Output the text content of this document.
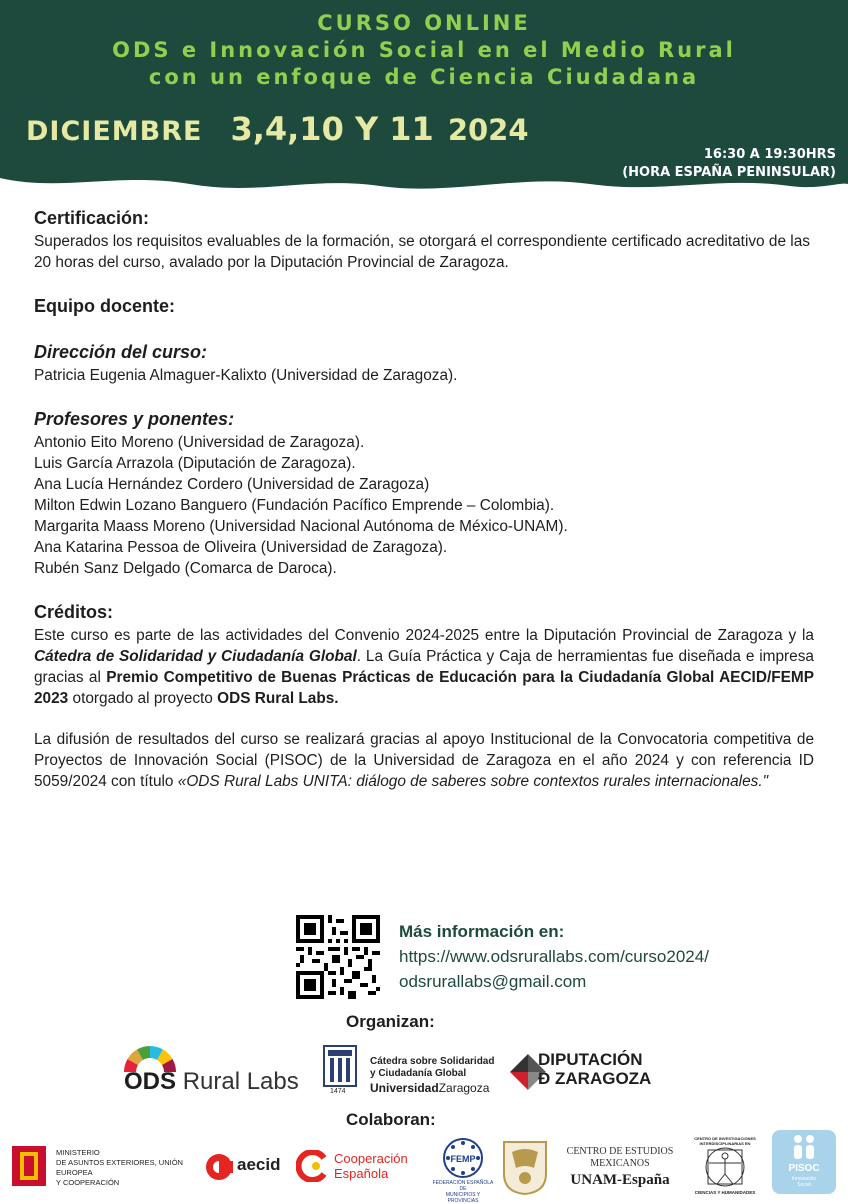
CURSO ONLINE
ODS e Innovación Social en el Medio Rural
con un enfoque de Ciencia Ciudadana
DICIEMBRE 3,4,10 Y 11 2024
16:30 A 19:30HRS
(HORA ESPAÑA PENINSULAR)
Certificación:

Superados los requisitos evaluables de la formación, se otorgará el correspondiente certificado acreditativo de las 20 horas del curso, avalado por la Diputación Provincial de Zaragoza.

Equipo docente:
Dirección del curso:

Patricia Eugenia Almaguer-Kalixto (Universidad de Zaragoza).

Profesores y ponentes:
Antonio Eito Moreno (Universidad de Zaragoza).
Luis García Arrazola (Diputación de Zaragoza).
Ana Lucía Hernández Cordero (Universidad de Zaragoza)
Milton Edwin Lozano Banguero (Fundación Pacífico Emprende – Colombia).
Margarita Maass Moreno (Universidad Nacional Autónoma de México-UNAM).
Ana Katarina Pessoa de Oliveira (Universidad de Zaragoza).
Rubén Sanz Delgado (Comarca de Daroca).
Créditos:

Este curso es parte de las actividades del Convenio 2024-2025 entre la Diputación Provincial de Zaragoza y la Cátedra de Solidaridad y Ciudadanía Global. La Guía Práctica y Caja de herramientas fue diseñada e impresa gracias al Premio Competitivo de Buenas Prácticas de Educación para la Ciudadanía Global AECID/FEMP 2023 otorgado al proyecto ODS Rural Labs.

La difusión de resultados del curso se realizará gracias al apoyo Institucional de la Convocatoria competitiva de Proyectos de Innovación Social (PISOC) de la Universidad de Zaragoza en el año 2024 y con referencia ID 5059/2024 con título «ODS Rural Labs UNITA: diálogo de saberes sobre contextos rurales internacionales."

Más información en:
https://www.odsrurallabs.com/curso2024/
odsrurallabs@gmail.com
Organizan:
ODS Rural Labs	1474
Cátedra sobre Solidaridad
y Ciudadanía Global
UniversidadZaragoza
DIPUTACIÓN
Ð ZARAGOZA
Colaboran:
MINISTERIO
DE ASUNTOS EXTERIORES, UNIÓN EUROPEA
Y COOPERACIÓN
aecid	Cooperación
Española
FEMP
FEDERACIÓN ESPAÑOLA DE
MUNICIPIOS Y PROVINCIAS
CENTRO DE ESTUDIOS
MEXICANOS
UNAM-España
CENTRO DE INVESTIGACIONES INTERDISCIPLINARIAS EN
CIENCIAS Y HUMANIDADES
PISOC
Innovación
Social
